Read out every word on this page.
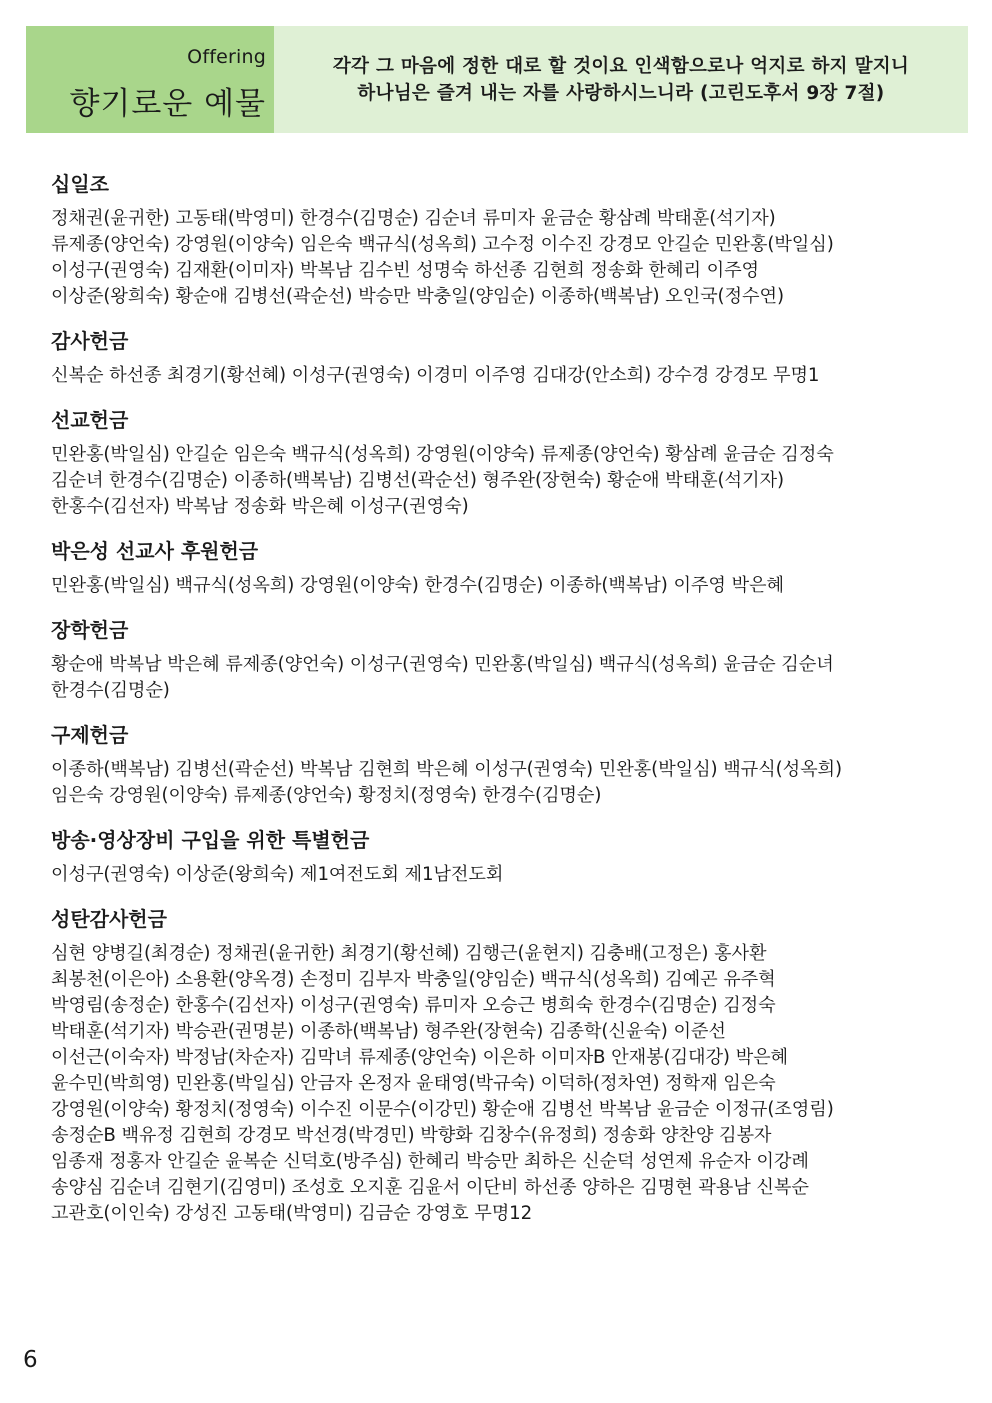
Offering
향기로운 예물
각각 그 마음에 정한 대로 할 것이요 인색함으로나 억지로 하지 말지니
하나님은 즐겨 내는 자를 사랑하시느니라 (고린도후서 9장 7절)
십일조
정채권(윤귀한) 고동태(박영미) 한경수(김명순) 김순녀 류미자 윤금순 황삼례 박태훈(석기자)
류제종(양언숙) 강영원(이양숙) 임은숙 백규식(성옥희) 고수정 이수진 강경모 안길순 민완홍(박일심)
이성구(권영숙) 김재환(이미자) 박복남 김수빈 성명숙 하선종 김현희 정송화 한혜리 이주영
이상준(왕희숙) 황순애 김병선(곽순선) 박승만 박충일(양임순) 이종하(백복남) 오인국(정수연)
감사헌금
신복순 하선종 최경기(황선혜) 이성구(권영숙) 이경미 이주영 김대강(안소희) 강수경 강경모 무명1
선교헌금
민완홍(박일심) 안길순 임은숙 백규식(성옥희) 강영원(이양숙) 류제종(양언숙) 황삼례 윤금순 김정숙
김순녀 한경수(김명순) 이종하(백복남) 김병선(곽순선) 형주완(장현숙) 황순애 박태훈(석기자)
한홍수(김선자) 박복남 정송화 박은혜 이성구(권영숙)
박은성 선교사 후원헌금
민완홍(박일심) 백규식(성옥희) 강영원(이양숙) 한경수(김명순) 이종하(백복남) 이주영 박은혜
장학헌금
황순애 박복남 박은혜 류제종(양언숙) 이성구(권영숙) 민완홍(박일심) 백규식(성옥희) 윤금순 김순녀
한경수(김명순)
구제헌금
이종하(백복남) 김병선(곽순선) 박복남 김현희 박은혜 이성구(권영숙) 민완홍(박일심) 백규식(성옥희)
임은숙 강영원(이양숙) 류제종(양언숙) 황정치(정영숙) 한경수(김명순)
방송·영상장비 구입을 위한 특별헌금
이성구(권영숙) 이상준(왕희숙) 제1여전도회 제1남전도회
성탄감사헌금
심현 양병길(최경순) 정채권(윤귀한) 최경기(황선혜) 김행근(윤현지) 김충배(고정은) 홍사환
최봉천(이은아) 소용환(양옥경) 손정미 김부자 박충일(양임순) 백규식(성옥희) 김예곤 유주혁
박영림(송정순) 한홍수(김선자) 이성구(권영숙) 류미자 오승근 병희숙 한경수(김명순) 김정숙
박태훈(석기자) 박승관(권명분) 이종하(백복남) 형주완(장현숙) 김종학(신윤숙) 이준선
이선근(이숙자) 박정남(차순자) 김막녀 류제종(양언숙) 이은하 이미자B 안재봉(김대강) 박은혜
윤수민(박희영) 민완홍(박일심) 안금자 온정자 윤태영(박규숙) 이덕하(정차연) 정학재 임은숙
강영원(이양숙) 황정치(정영숙) 이수진 이문수(이강민) 황순애 김병선 박복남 윤금순 이정규(조영림)
송정순B 백유정 김현희 강경모 박선경(박경민) 박향화 김창수(유정희) 정송화 양찬양 김봉자
임종재 정홍자 안길순 윤복순 신덕호(방주심) 한혜리 박승만 최하은 신순덕 성연제 유순자 이강례
송양심 김순녀 김현기(김영미) 조성호 오지훈 김윤서 이단비 하선종 양하은 김명현 곽용남 신복순
고관호(이인숙) 강성진 고동태(박영미) 김금순 강영호 무명12
6
